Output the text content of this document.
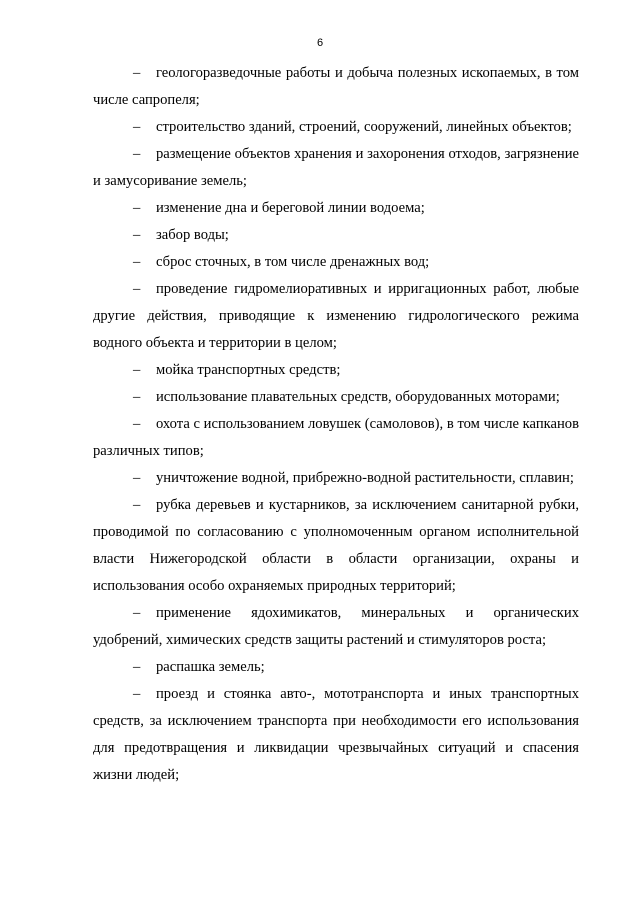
6

– геологоразведочные работы и добыча полезных ископаемых, в том числе сапропеля;

– строительство зданий, строений, сооружений, линейных объектов;

– размещение объектов хранения и захоронения отходов, загрязнение и замусоривание земель;

– изменение дна и береговой линии водоема;

– забор воды;

– сброс сточных, в том числе дренажных вод;

– проведение гидромелиоративных и ирригационных работ, любые другие действия, приводящие к изменению гидрологического режима водного объекта и территории в целом;

– мойка транспортных средств;

– использование плавательных средств, оборудованных моторами;

– охота с использованием ловушек (самоловов), в том числе капканов различных типов;

– уничтожение водной, прибрежно-водной растительности, сплавин;

– рубка деревьев и кустарников, за исключением санитарной рубки, проводимой по согласованию с уполномоченным органом исполнительной власти Нижегородской области в области организации, охраны и использования особо охраняемых природных территорий;

– применение ядохимикатов, минеральных и органических удобрений, химических средств защиты растений и стимуляторов роста;

– распашка земель;

– проезд и стоянка авто-, мототранспорта и иных транспортных средств, за исключением транспорта при необходимости его использования для предотвращения и ликвидации чрезвычайных ситуаций и спасения жизни людей;
